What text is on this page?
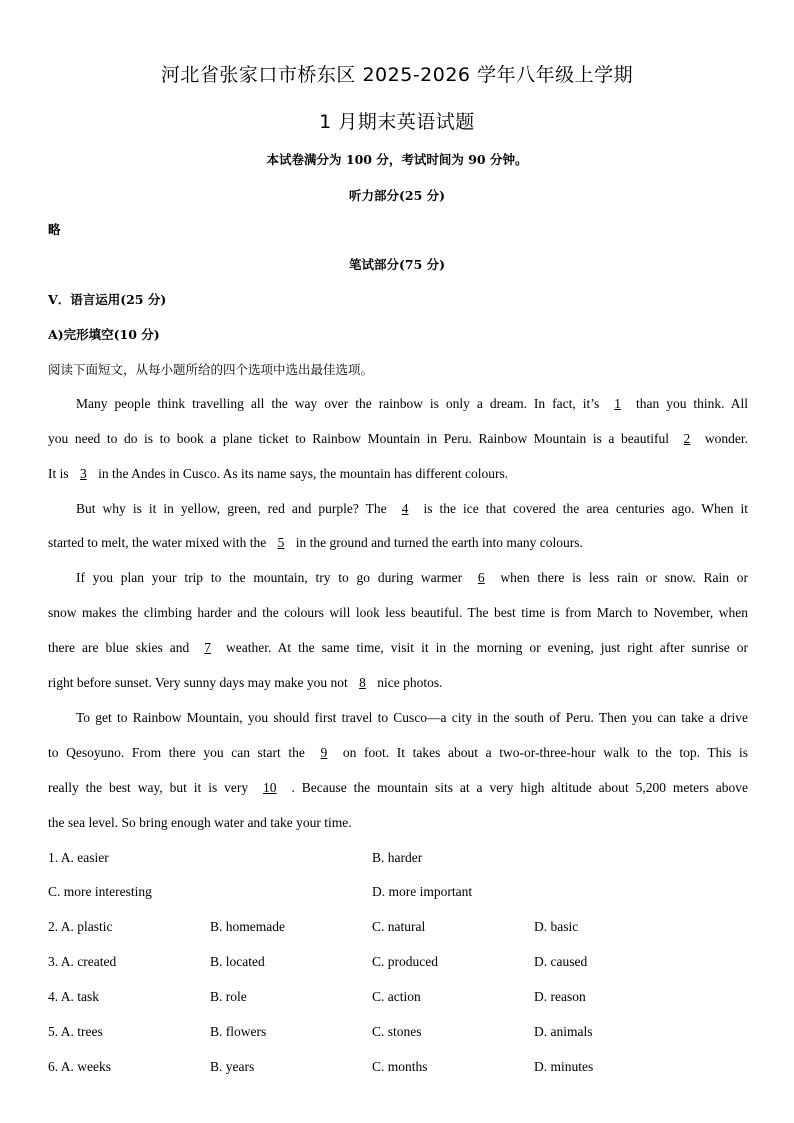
河北省张家口市桥东区 2025-2026 学年八年级上学期
1 月期末英语试题
本试卷满分为 100 分，考试时间为 90 分钟。
听力部分(25 分)
略
笔试部分(75 分)
V．语言运用(25 分)
A)完形填空(10 分)
阅读下面短文，从每小题所给的四个选项中选出最佳选项。
Many people think travelling all the way over the rainbow is only a dream. In fact, it’s 1 than you think. All
you need to do is to book a plane ticket to Rainbow Mountain in Peru. Rainbow Mountain is a beautiful 2 wonder.
It is 3 in the Andes in Cusco. As its name says, the mountain has different colours.
But why is it in yellow, green, red and purple? The 4 is the ice that covered the area centuries ago. When it
started to melt, the water mixed with the 5 in the ground and turned the earth into many colours.
If you plan your trip to the mountain, try to go during warmer 6 when there is less rain or snow. Rain or
snow makes the climbing harder and the colours will look less beautiful. The best time is from March to November, when
there are blue skies and 7 weather. At the same time, visit it in the morning or evening, just right after sunrise or
right before sunset. Very sunny days may make you not 8 nice photos.
To get to Rainbow Mountain, you should first travel to Cusco—a city in the south of Peru. Then you can take a drive
to Qesoyuno. From there you can start the 9 on foot. It takes about a two-or-three-hour walk to the top. This is
really the best way, but it is very 10 . Because the mountain sits at a very high altitude about 5,200 meters above
the sea level. So bring enough water and take your time.
1. A. easier	B. harder
C. more interesting	D. more important
2. A. plastic	B. homemade	C. natural	D. basic
3. A. created	B. located	C. produced	D. caused
4. A. task	B. role	C. action	D. reason
5. A. trees	B. flowers	C. stones	D. animals
6. A. weeks	B. years	C. months	D. minutes
